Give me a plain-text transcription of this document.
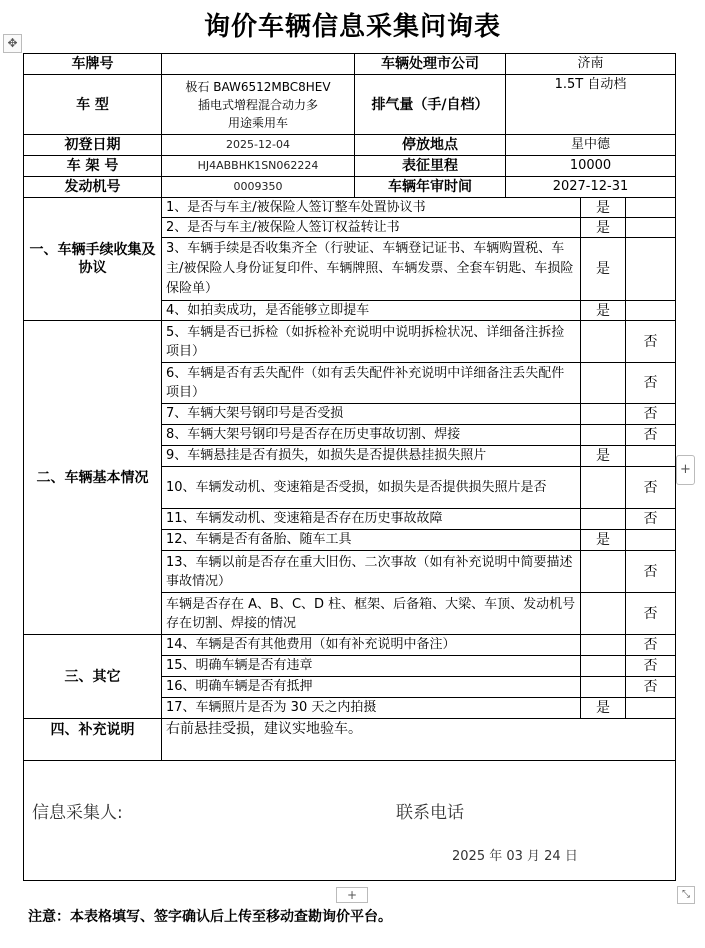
询价车辆信息采集问询表
✥
车牌号		车辆处理市公司	济南		
车 型	极石 BAW6512MBC8HEV
插电式增程混合动力多
用途乘用车	排气量（手/自档）	1.5T 自动档		
初登日期	2025-12-04	停放地点	星中德		
车 架 号	HJ4ABBHK1SN062224	表征里程	10000		
发动机号	0009350	车辆年审时间	2027-12-31		
一、车辆手续收集及协议	1、是否与车主/被保险人签订整车处置协议书			是	
	2、是否与车主/被保险人签订权益转让书			是	
	3、车辆手续是否收集齐全（行驶证、车辆登记证书、车辆购置税、车主/被保险人身份证复印件、车辆牌照、车辆发票、全套车钥匙、车损险保险单）			是	
	4、如拍卖成功，是否能够立即提车			是	
二、车辆基本情况	5、车辆是否已拆检（如拆检补充说明中说明拆检状况、详细备注拆捡项目）				否
	6、车辆是否有丢失配件（如有丢失配件补充说明中详细备注丢失配件项目）				否
	7、车辆大架号钢印号是否受损				否
	8、车辆大架号钢印号是否存在历史事故切割、焊接				否
	9、车辆悬挂是否有损失，如损失是否提供悬挂损失照片			是	
	10、车辆发动机、变速箱是否受损，如损失是否提供损失照片是否				否
	11、车辆发动机、变速箱是否存在历史事故故障				否
	12、车辆是否有备胎、随车工具			是	
	13、车辆以前是否存在重大旧伤、二次事故（如有补充说明中简要描述事故情况）				否
	车辆是否存在 A、B、C、D 柱、框架、后备箱、大梁、车顶、发动机号存在切割、焊接的情况				否
三、其它	14、车辆是否有其他费用（如有补充说明中备注）				否
	15、明确车辆是否有违章				否
	16、明确车辆是否有抵押				否
	17、车辆照片是否为 30 天之内拍摄			是	
四、补充说明	右前悬挂受损，建议实地验车。				

信息采集人: 联系电话
2025 年 03 月 24 日					
+
+	⤡
注意：本表格填写、签字确认后上传至移动查勘询价平台。
